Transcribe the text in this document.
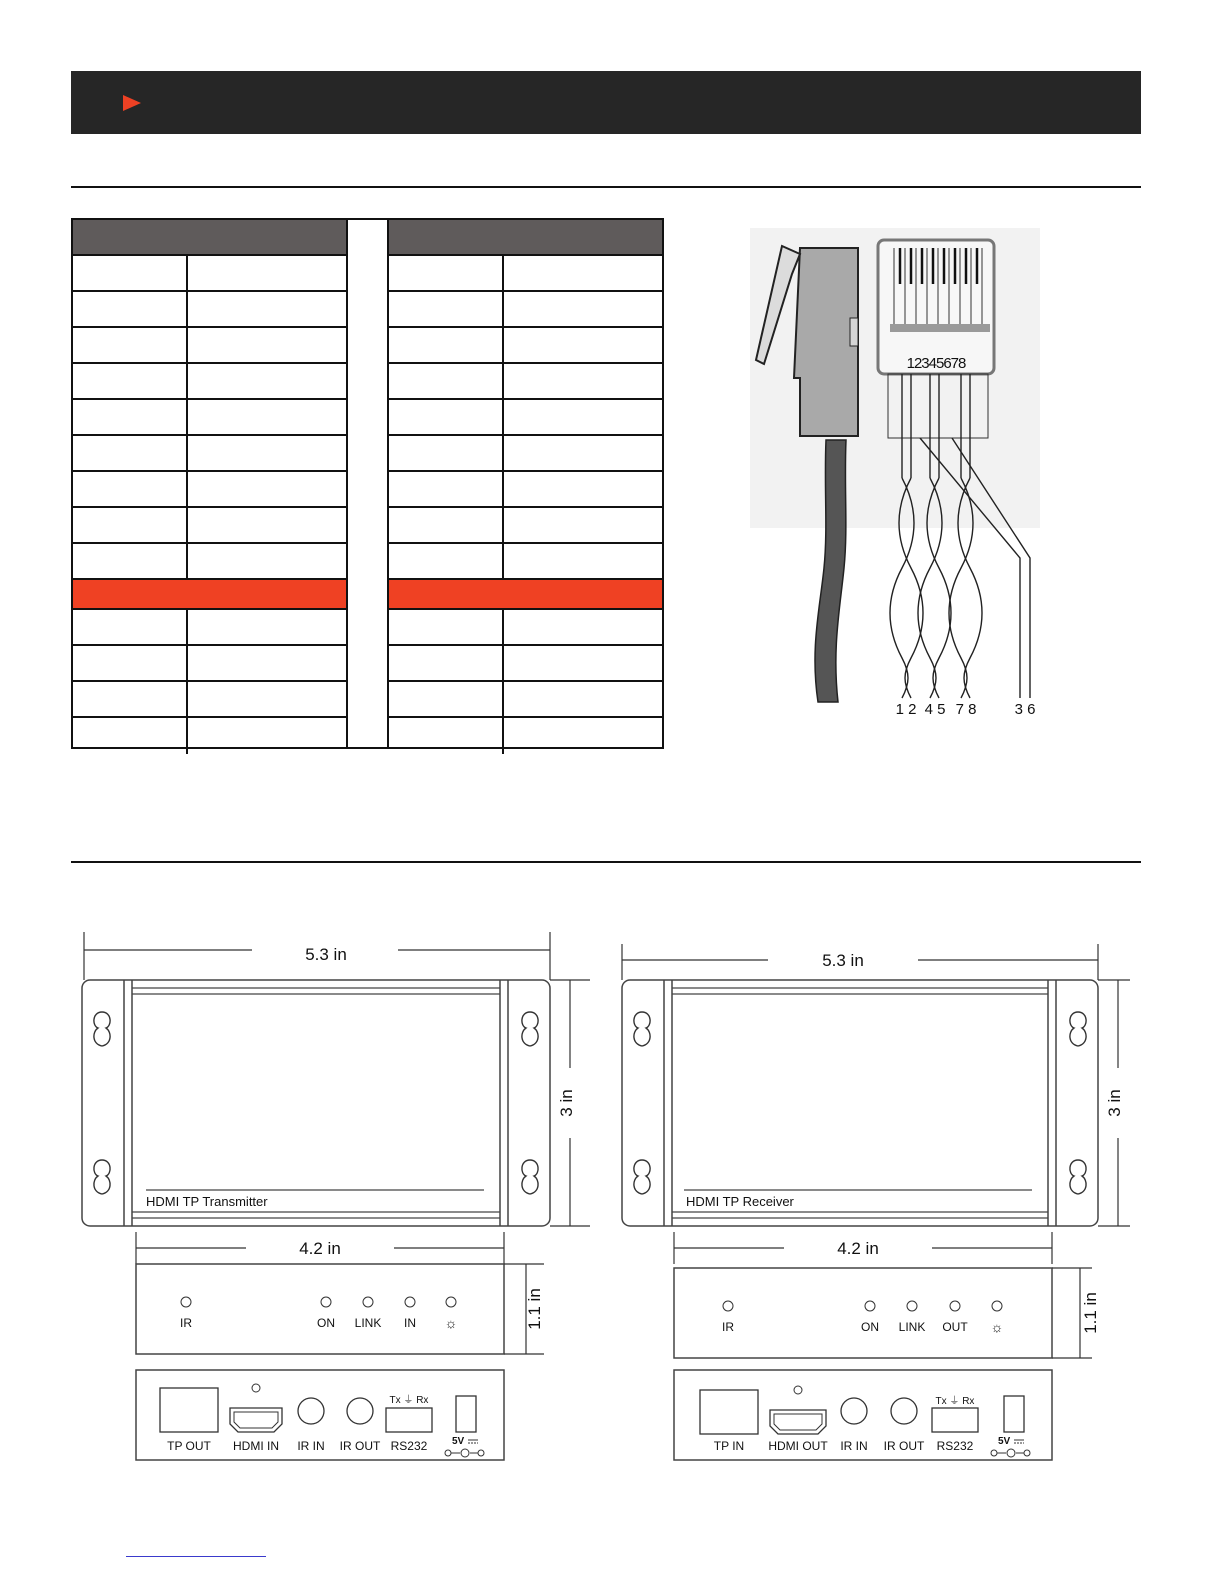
12345678
1 2 4 5 7 8	3 6
5.3 in
HDMI TP Transmitter
3 in
4.2 in
IR	ON LINK IN ☼	1.1 in
Tx ⏚ Rx
TP OUT HDMI IN IR IN IR OUT RS232 5V
5.3 in
HDMI TP Receiver
3 in
4.2 in
IR	ON LINK OUT ☼	1.1 in
Tx ⏚ Rx
TP IN HDMI OUT IR IN IR OUT RS232 5V
